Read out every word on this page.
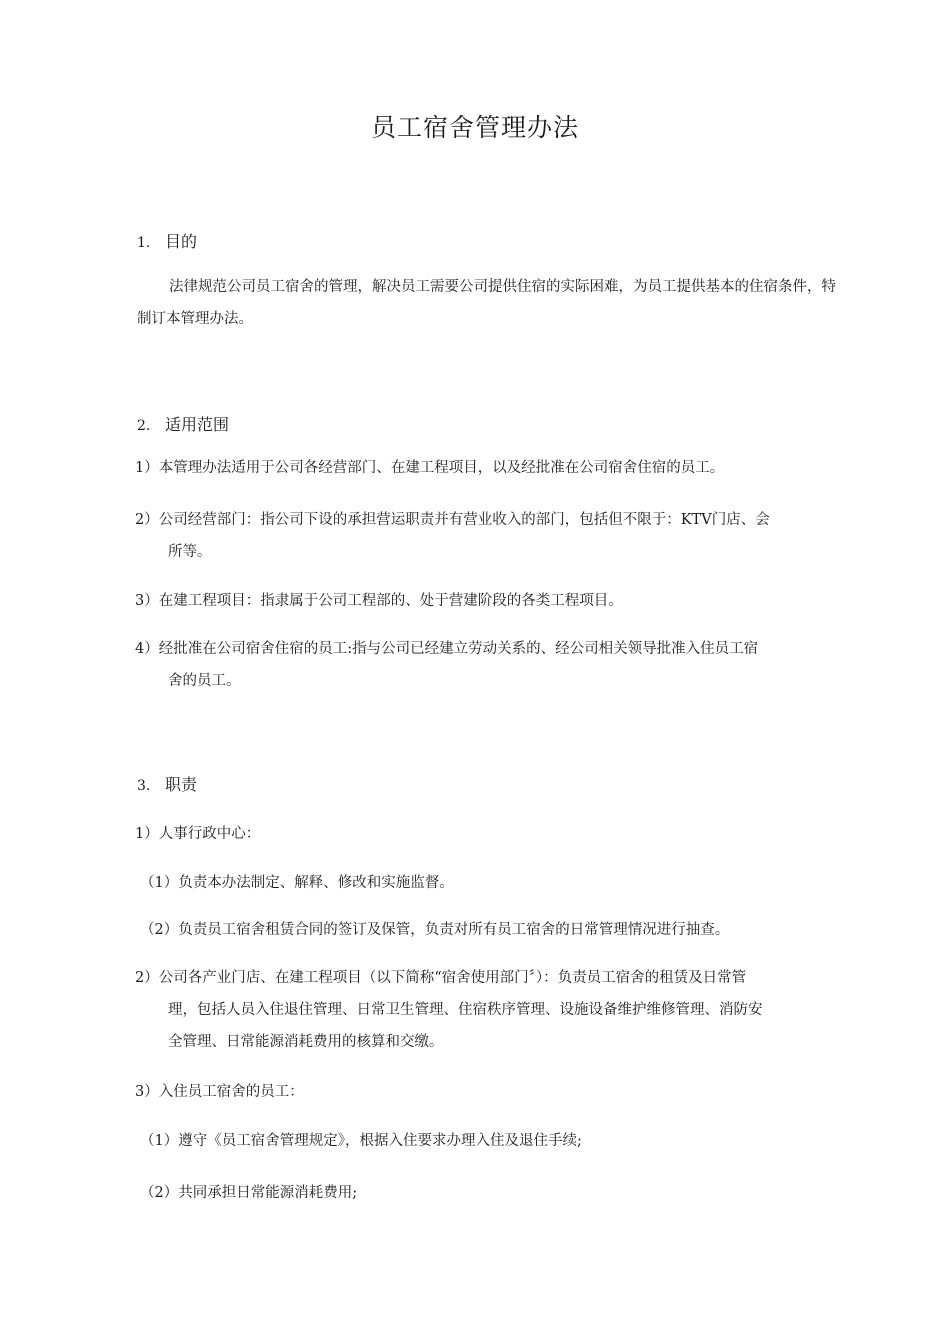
员工宿舍管理办法
1. 目的
法律规范公司员工宿舍的管理，解决员工需要公司提供住宿的实际困难，为员工提供基本的住宿条件，特制订本管理办法。
2. 适用范围
1）本管理办法适用于公司各经营部门、在建工程项目，以及经批准在公司宿舍住宿的员工。
2）公司经营部门：指公司下设的承担营运职责并有营业收入的部门，包括但不限于：KTV门店、会
所等。
3）在建工程项目：指隶属于公司工程部的、处于营建阶段的各类工程项目。
4）经批准在公司宿舍住宿的员工:指与公司已经建立劳动关系的、经公司相关领导批准入住员工宿
舍的员工。
3. 职责
1）人事行政中心：
（1）负责本办法制定、解释、修改和实施监督。
（2）负责员工宿舍租赁合同的签订及保管，负责对所有员工宿舍的日常管理情况进行抽查。
2）公司各产业门店、在建工程项目（以下简称“宿舍使用部门〞）：负责员工宿舍的租赁及日常管
理，包括人员入住退住管理、日常卫生管理、住宿秩序管理、设施设备维护维修管理、消防安
全管理、日常能源消耗费用的核算和交缴。
3）入住员工宿舍的员工：
（1）遵守《员工宿舍管理规定》，根据入住要求办理入住及退住手续;
（2）共同承担日常能源消耗费用;
